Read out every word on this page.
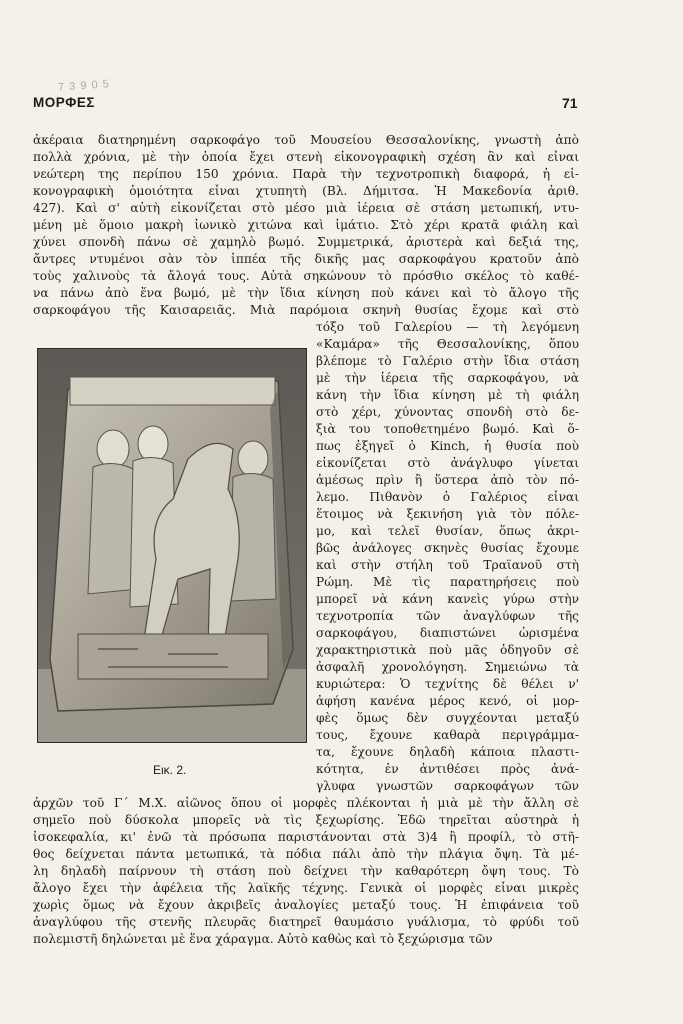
7 3 9 0 5
ΜΟΡΦΕΣ	71
ἀκέραια διατηρημένη σαρκοφάγο τοῦ Μουσείου Θεσσαλονίκης, γνωστὴ ἀπὸ
πολλὰ χρόνια, μὲ τὴν ὁποία ἔχει στενὴ εἰκονογραφικὴ σχέση ἂν καὶ εἶναι
νεώτερη της περίπου 150 χρόνια. Παρὰ τὴν τεχνοτροπικὴ διαφορά, ἡ εἰ-
κονογραφικὴ ὁμοιότητα εἶναι χτυπητὴ (Βλ. Δήμιτσα. Ἡ Μακεδονία ἀριθ.
427). Καὶ σ' αὐτὴ εἰκονίζεται στὸ μέσο μιὰ ἱέρεια σὲ στάση μετωπική, ντυ-
μένη μὲ ὅμοιο μακρὴ ἰωνικὸ χιτώνα καὶ ἱμάτιο. Στὸ χέρι κρατᾶ φιάλη καὶ
χύνει σπονδὴ πάνω σὲ χαμηλὸ βωμό. Συμμετρικά, ἀριστερὰ καὶ δεξιά της,
ἄντρες ντυμένοι σὰν τὸν ἱππέα τῆς δικῆς μας σαρκοφάγου κρατοῦν ἀπὸ
τοὺς χαλινοὺς τὰ ἄλογά τους. Αὐτὰ σηκώνουν τὸ πρόσθιο σκέλος τὸ καθέ-
να πάνω ἀπὸ ἕνα βωμό, μὲ τὴν ἴδια κίνηση ποὺ κάνει καὶ τὸ ἄλογο τῆς
σαρκοφάγου τῆς Καισαρειᾶς. Μιὰ παρόμοια σκηνὴ θυσίας ἔχομε καὶ στὸ
Εικ. 2.
τόξο τοῦ Γαλερίου — τὴ λεγόμενη
«Καμάρα» τῆς Θεσσαλονίκης, ὅπου
βλέπομε τὸ Γαλέριο στὴν ἴδια στάση
μὲ τὴν ἱέρεια τῆς σαρκοφάγου, νὰ
κάνη τὴν ἴδια κίνηση μὲ τὴ φιάλη
στὸ χέρι, χύνοντας σπονδὴ στὸ δε-
ξιὰ του τοποθετημένο βωμό. Καὶ ὅ-
πως ἐξηγεῖ ὁ Kinch, ἡ θυσία ποὺ
εἰκονίζεται στὸ ἀνάγλυφο γίνεται
ἀμέσως πρὶν ἢ ὕστερα ἀπὸ τὸν πό-
λεμο. Πιθανὸν ὁ Γαλέριος εἶναι
ἕτοιμος νὰ ξεκινήση γιὰ τὸν πόλε-
μο, καὶ τελεῖ θυσίαν, ὅπως ἀκρι-
βῶς ἀνάλογες σκηνὲς θυσίας ἔχουμε
καὶ στὴν στήλη τοῦ Τραϊανοῦ στὴ
Ρώμη. Μὲ τὶς παρατηρήσεις ποὺ
μπορεῖ νὰ κάνη κανεὶς γύρω στὴν
τεχνοτροπία τῶν ἀναγλύφων τῆς
σαρκοφάγου, διαπιστώνει ὡρισμένα
χαρακτηριστικὰ ποὺ μᾶς ὁδηγοῦν σὲ
ἀσφαλῆ χρονολόγηση. Σημειώνω τὰ
κυριώτερα: Ὁ τεχνίτης δὲ θέλει ν'
ἀφήση κανένα μέρος κενό, οἱ μορ-
φὲς ὅμως δὲν συγχέονται μεταξύ
τους, ἔχουνε καθαρὰ περιγράμμα-
τα, ἔχουνε δηλαδὴ κάποια πλαστι-
κότητα, ἐν ἀντιθέσει πρὸς ἀνά-
γλυφα γνωστῶν σαρκοφάγων τῶν
ἀρχῶν τοῦ Γ΄ Μ.Χ. αἰῶνος ὅπου οἱ μορφὲς πλέκονται ἡ μιὰ μὲ τὴν ἄλλη σὲ
σημεῖο ποὺ δύσκολα μπορεῖς νὰ τὶς ξεχωρίσης. Ἐδῶ τηρεῖται αὐστηρὰ ἡ
ἰσοκεφαλία, κι' ἐνῶ τὰ πρόσωπα παριστάνονται στὰ 3)4 ἢ προφίλ, τὸ στῆ-
θος δείχνεται πάντα μετωπικά, τὰ πόδια πάλι ἀπὸ τὴν πλάγια ὄψη. Τὰ μέ-
λη δηλαδὴ παίρνουν τὴ στάση ποὺ δείχνει τὴν καθαρότερη ὄψη τους. Τὸ
ἄλογο ἔχει τὴν ἀφέλεια τῆς λαϊκῆς τέχνης. Γενικὰ οἱ μορφὲς εἶναι μικρὲς
χωρὶς ὅμως νὰ ἔχουν ἀκριβεῖς ἀναλογίες μεταξύ τους. Ἡ ἐπιφάνεια τοῦ
ἀναγλύφου τῆς στενῆς πλευρᾶς διατηρεῖ θαυμάσιο γυάλισμα, τὸ φρύδι τοῦ
πολεμιστῆ δηλώνεται μὲ ἕνα χάραγμα. Αὐτὸ καθὼς καὶ τὸ ξεχώρισμα τῶν
